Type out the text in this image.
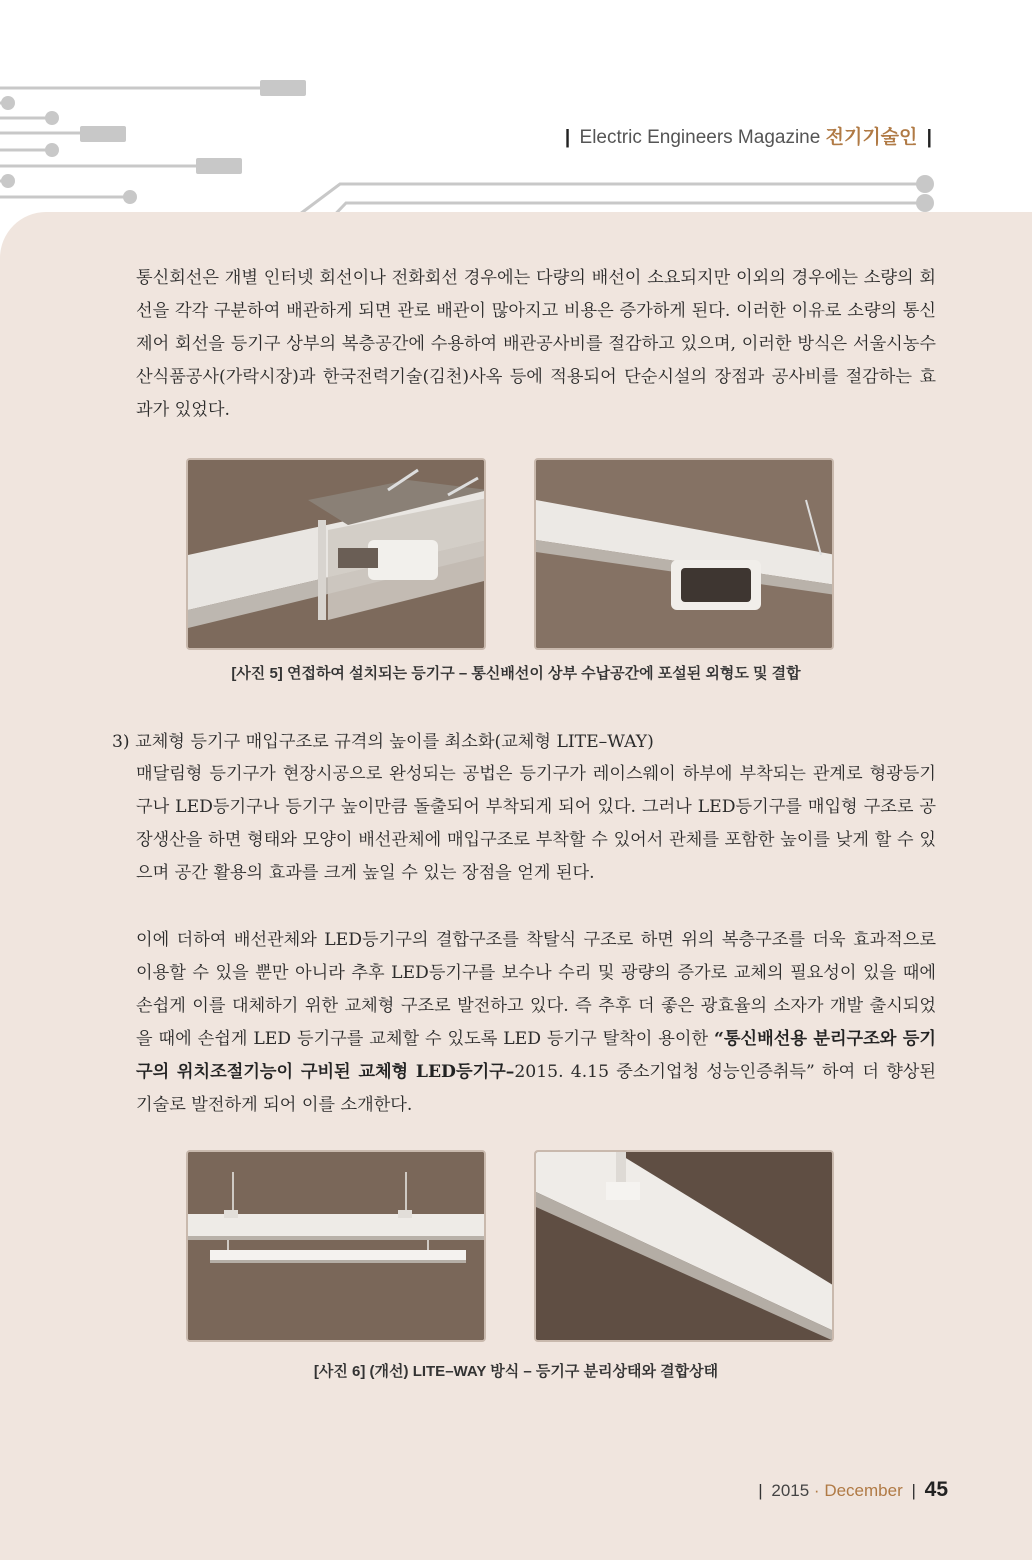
| Electric Engineers Magazine 전기기술인 |

통신회선은 개별 인터넷 회선이나 전화회선 경우에는 다량의 배선이 소요되지만 이외의 경우에는 소량의 회선을 각각 구분하여 배관하게 되면 관로 배관이 많아지고 비용은 증가하게 된다. 이러한 이유로 소량의 통신제어 회선을 등기구 상부의 복층공간에 수용하여 배관공사비를 절감하고 있으며, 이러한 방식은 서울시농수산식품공사(가락시장)과 한국전력기술(김천)사옥 등에 적용되어 단순시설의 장점과 공사비를 절감하는 효과가 있었다.

[사진 5] 연접하여 설치되는 등기구 – 통신배선이 상부 수납공간에 포설된 외형도 및 결합

3) 교체형 등기구 매입구조로 규격의 높이를 최소화(교체형 LITE–WAY)

매달림형 등기구가 현장시공으로 완성되는 공법은 등기구가 레이스웨이 하부에 부착되는 관계로 형광등기구나 LED등기구나 등기구 높이만큼 돌출되어 부착되게 되어 있다. 그러나 LED등기구를 매입형 구조로 공장생산을 하면 형태와 모양이 배선관체에 매입구조로 부착할 수 있어서 관체를 포함한 높이를 낮게 할 수 있으며 공간 활용의 효과를 크게 높일 수 있는 장점을 얻게 된다.

이에 더하여 배선관체와 LED등기구의 결합구조를 착탈식 구조로 하면 위의 복층구조를 더욱 효과적으로 이용할 수 있을 뿐만 아니라 추후 LED등기구를 보수나 수리 및 광량의 증가로 교체의 필요성이 있을 때에 손쉽게 이를 대체하기 위한 교체형 구조로 발전하고 있다. 즉 추후 더 좋은 광효율의 소자가 개발 출시되었을 때에 손쉽게 LED 등기구를 교체할 수 있도록 LED 등기구 탈착이 용이한 “통신배선용 분리구조와 등기구의 위치조절기능이 구비된 교체형 LED등기구–2015. 4.15 중소기업청 성능인증취득” 하여 더 향상된 기술로 발전하게 되어 이를 소개한다.

[사진 6] (개선) LITE–WAY 방식 – 등기구 분리상태와 결합상태

| 2015 · December | 45
